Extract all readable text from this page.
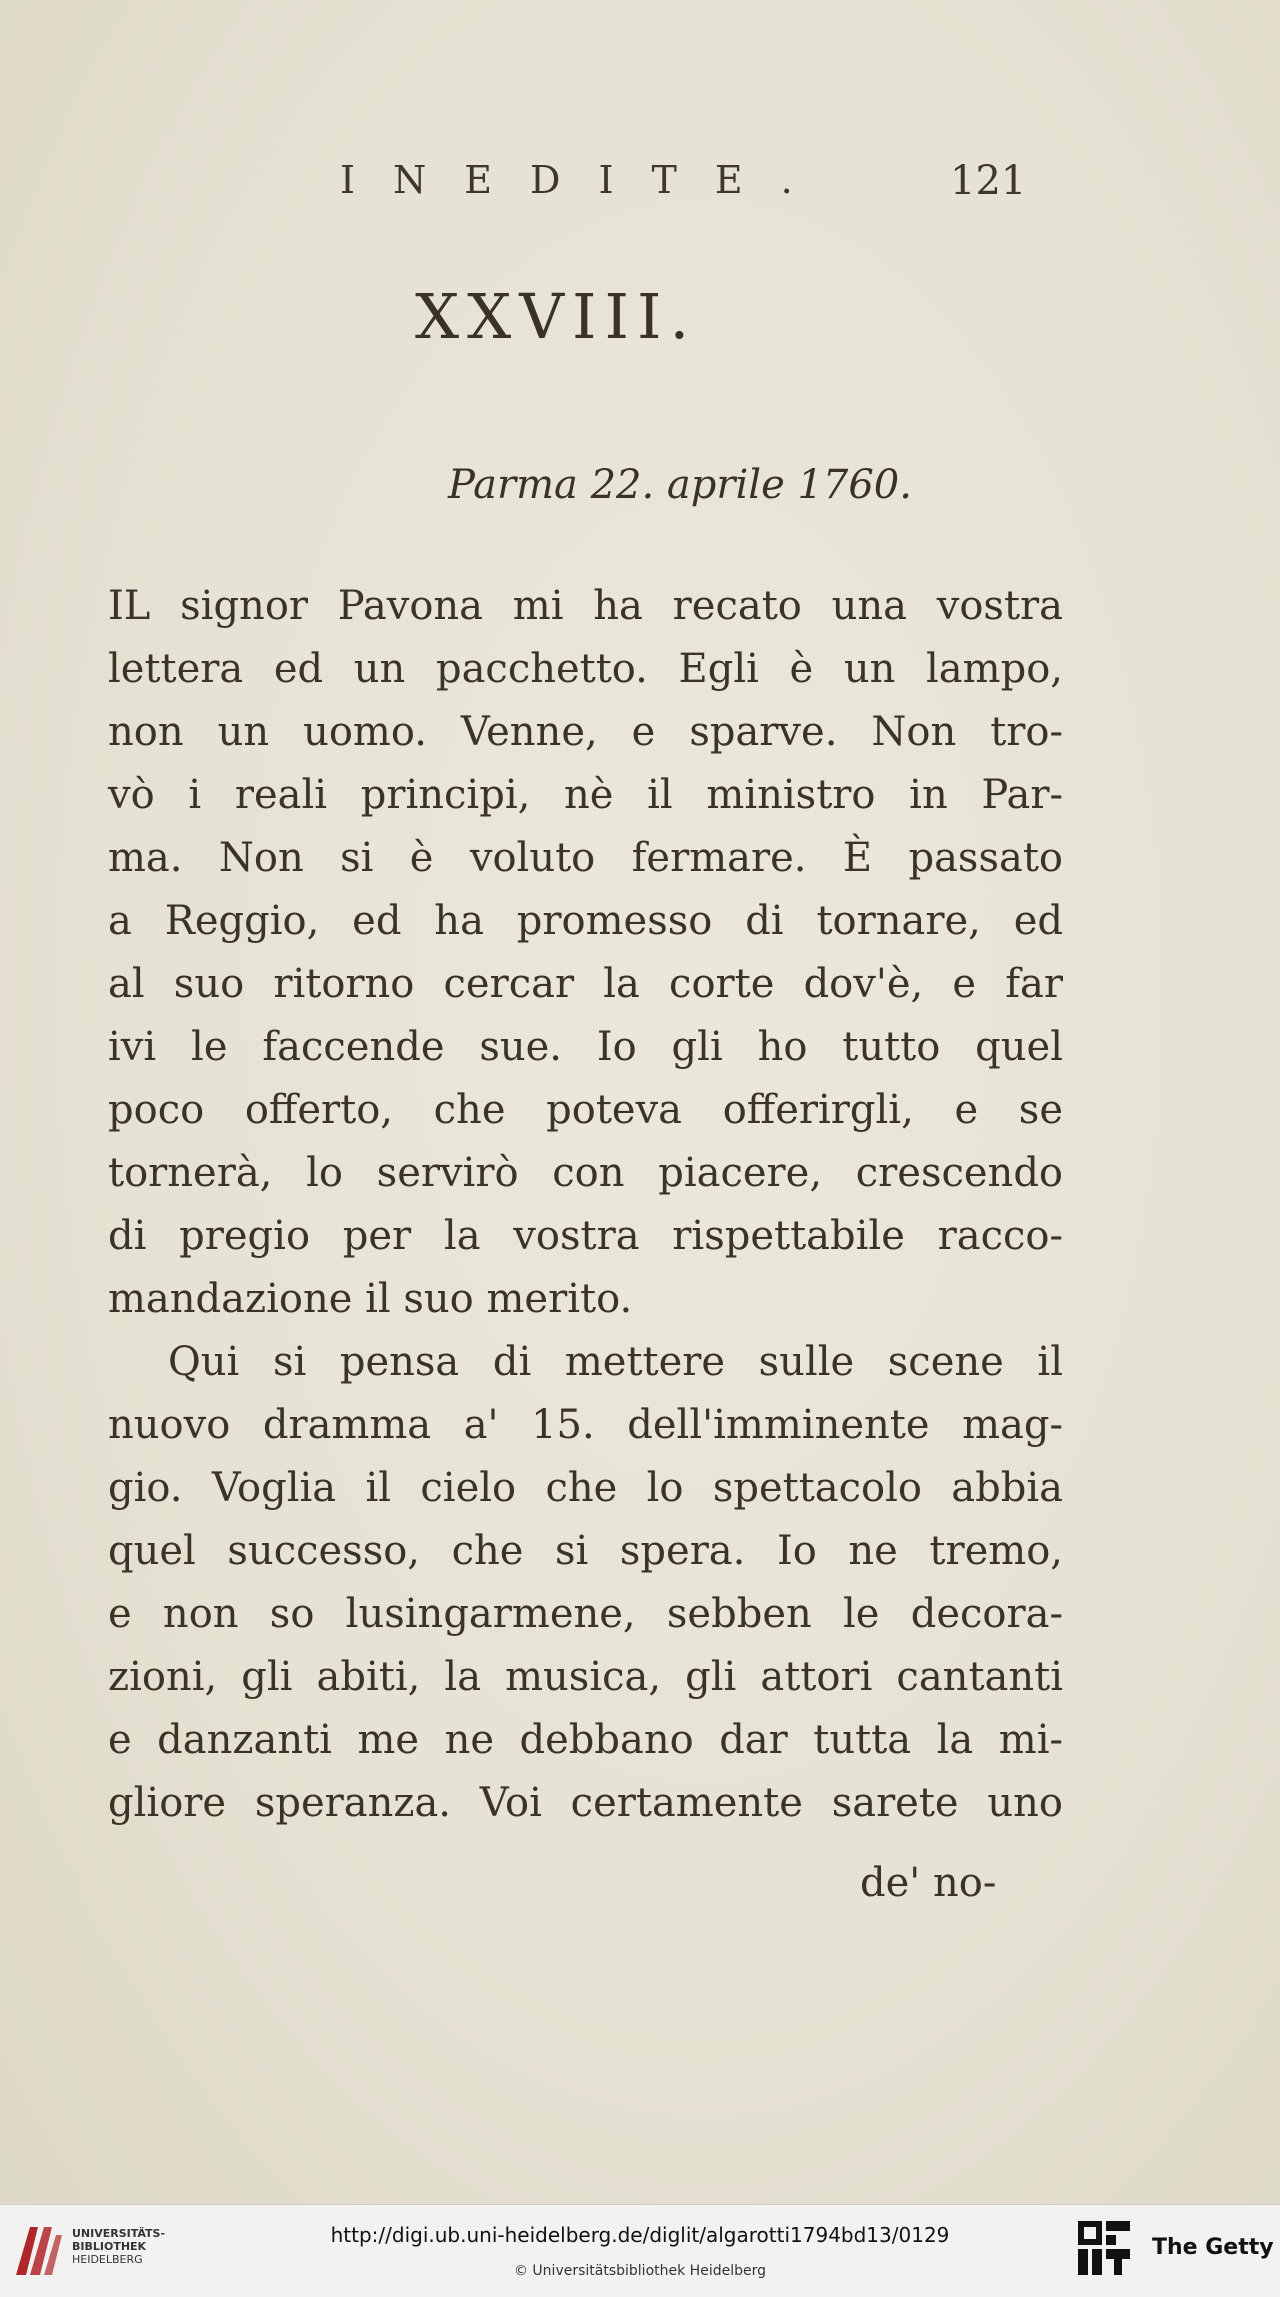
INEDITE.	121
XXVIII.
Parma 22. aprile 1760.
IL signor Pavona mi ha recato una vostra
lettera ed un pacchetto. Egli è un lampo,
non un uomo. Venne, e sparve. Non tro-
vò i reali principi, nè il ministro in Par-
ma. Non si è voluto fermare. È passato
a Reggio, ed ha promesso di tornare, ed
al suo ritorno cercar la corte dov'è, e far
ivi le faccende sue. Io gli ho tutto quel
poco offerto, che poteva offerirgli, e se
tornerà, lo servirò con piacere, crescendo
di pregio per la vostra rispettabile racco-
mandazione il suo merito.
Qui si pensa di mettere sulle scene il
nuovo dramma a' 15. dell'imminente mag-
gio. Voglia il cielo che lo spettacolo abbia
quel successo, che si spera. Io ne tremo,
e non so lusingarmene, sebben le decora-
zioni, gli abiti, la musica, gli attori cantanti
e danzanti me ne debbano dar tutta la mi-
gliore speranza. Voi certamente sarete uno
de' no-
UNIVERSITÄTS-
BIBLIOTHEK
HEIDELBERG
http://digi.ub.uni-heidelberg.de/diglit/algarotti1794bd13/0129
© Universitätsbibliothek Heidelberg
The Getty
